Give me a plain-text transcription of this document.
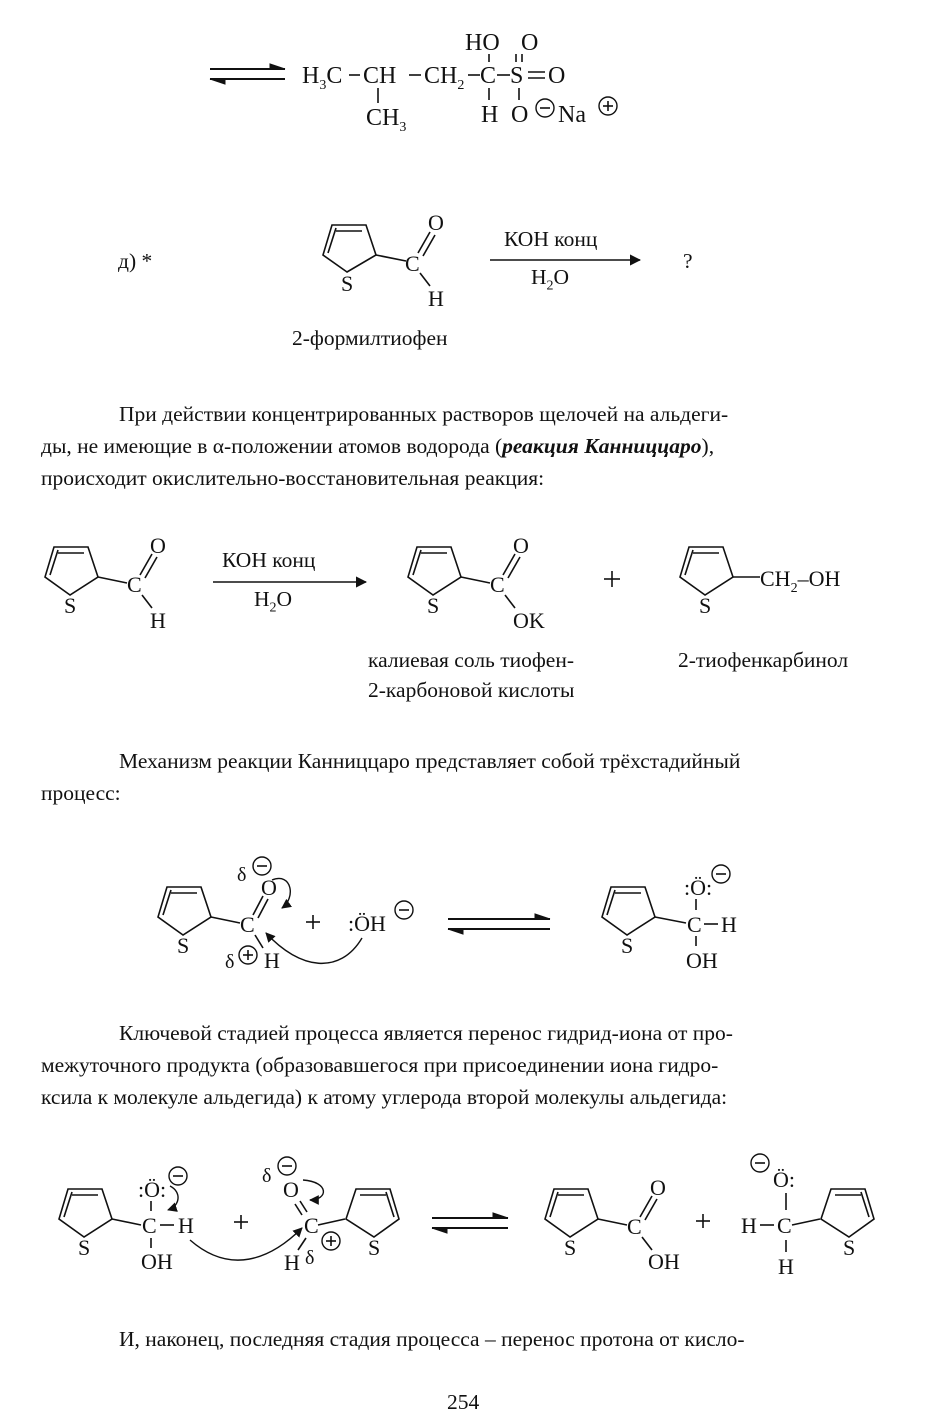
$H_3C$ CH $CH_2$ C S O
$CH_3$
HO
H
O
O Na
S
C
O
H
S
C
O
H
S
C
O
OK
S
$CH_2-OH$
S
C
O
δ
H
δ
:ÖH
S
C
:Ö:
H
OH
S
C
:Ö:
H
OH
δ
O
C
H δ S	S
C
O
OH
H C
Ö:
H
S
д) *	?
КОН конц
$H_2O$
2-формилтиофен
При действии концентрированных растворов щелочей на альдеги-
ды, не имеющие в α-положении атомов водорода (реакция Канниццаро),
происходит окислительно-восстановительная реакция:
КОН конц
$H_2O$
калиевая соль тиофен-
2-карбоновой кислоты
2-тиофенкарбинол
Механизм реакции Канниццаро представляет собой трёхстадийный
процесс:
Ключевой стадией процесса является перенос гидрид-иона от про-
межуточного продукта (образовавшегося при присоединении иона гидро-
ксила к молекуле альдегида) к атому углерода второй молекулы альдегида:
И, наконец, последняя стадия процесса – перенос протона от кисло-
254
